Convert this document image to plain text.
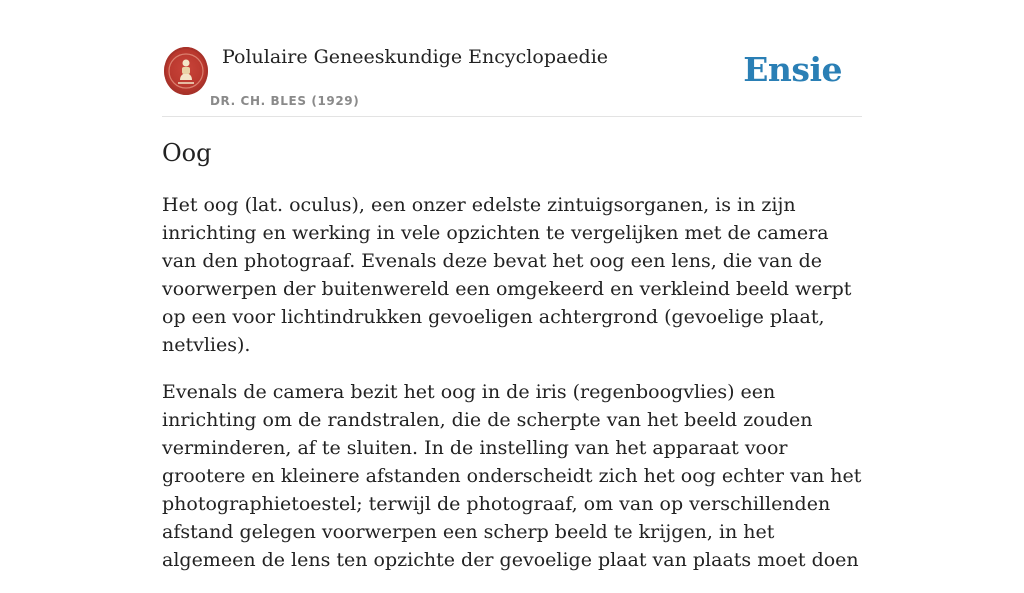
Polulaire Geneeskundige Encyclopaedie
DR. CH. BLES (1929)
Ensie
Oog

Het oog (lat. oculus), een onzer edelste zintuigsorganen, is in zijn inrichting en werking in vele opzichten te vergelijken met de camera van den photograaf. Evenals deze bevat het oog een lens, die van de voorwerpen der buitenwereld een omgekeerd en verkleind beeld werpt op een voor lichtindrukken gevoeligen achtergrond (gevoelige plaat, netvlies).

Evenals de camera bezit het oog in de iris (regenboogvlies) een inrichting om de randstralen, die de scherpte van het beeld zouden verminderen, af te sluiten. In de instelling van het apparaat voor grootere en kleinere afstanden onderscheidt zich het oog echter van het photographietoestel; terwijl de photograaf, om van op verschillenden afstand gelegen voorwerpen een scherp beeld te krijgen, in het algemeen de lens ten opzichte der gevoelige plaat van plaats moet doen
